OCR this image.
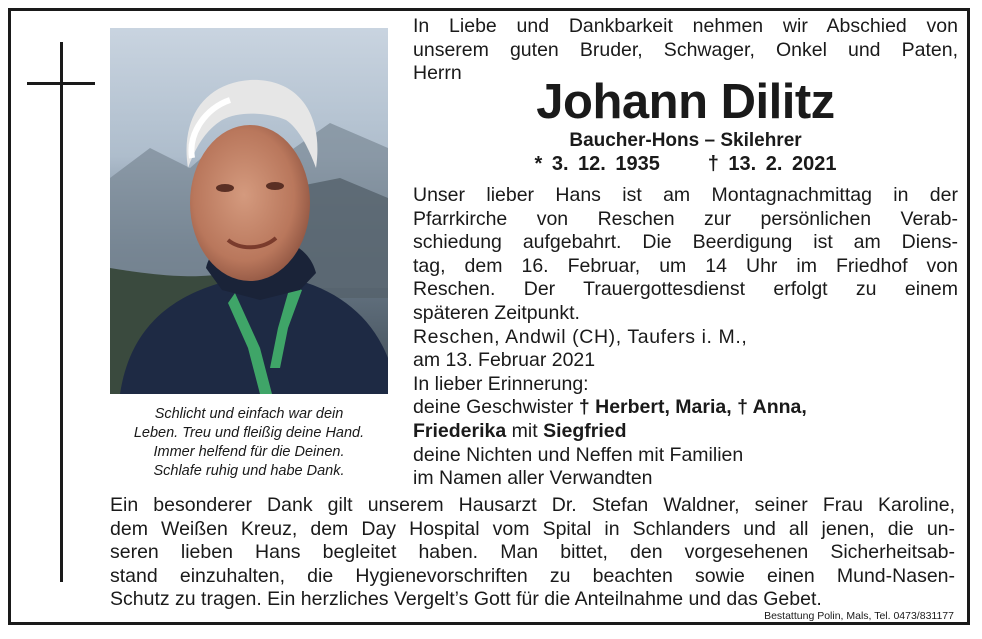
Schlicht und einfach war dein
Leben. Treu und fleißig deine Hand.
Immer helfend für die Deinen.
Schlafe ruhig und habe Dank.
In Liebe und Dankbarkeit nehmen wir Abschied von
unserem guten Bruder, Schwager, Onkel und Paten,
Herrn
Johann Dilitz
Baucher-Hons – Skilehrer
* 3. 12. 1935 † 13. 2. 2021
Unser lieber Hans ist am Montagnachmittag in der
Pfarrkirche von Reschen zur persönlichen Verab-
schiedung aufgebahrt. Die Beerdigung ist am Diens-
tag, dem 16. Februar, um 14 Uhr im Friedhof von
Reschen. Der Trauergottesdienst erfolgt zu einem
späteren Zeitpunkt.
Reschen, Andwil (CH), Taufers i. M.,
am 13. Februar 2021
In lieber Erinnerung:
deine Geschwister † Herbert, Maria, † Anna,
Friederika mit Siegfried
deine Nichten und Neffen mit Familien
im Namen aller Verwandten
Ein besonderer Dank gilt unserem Hausarzt Dr. Stefan Waldner, seiner Frau Karoline,
dem Weißen Kreuz, dem Day Hospital vom Spital in Schlanders und all jenen, die un-
seren lieben Hans begleitet haben. Man bittet, den vorgesehenen Sicherheitsab-
stand einzuhalten, die Hygienevorschriften zu beachten sowie einen Mund-Nasen-
Schutz zu tragen. Ein herzliches Vergelt’s Gott für die Anteilnahme und das Gebet.
Bestattung Polin, Mals, Tel. 0473/831177
